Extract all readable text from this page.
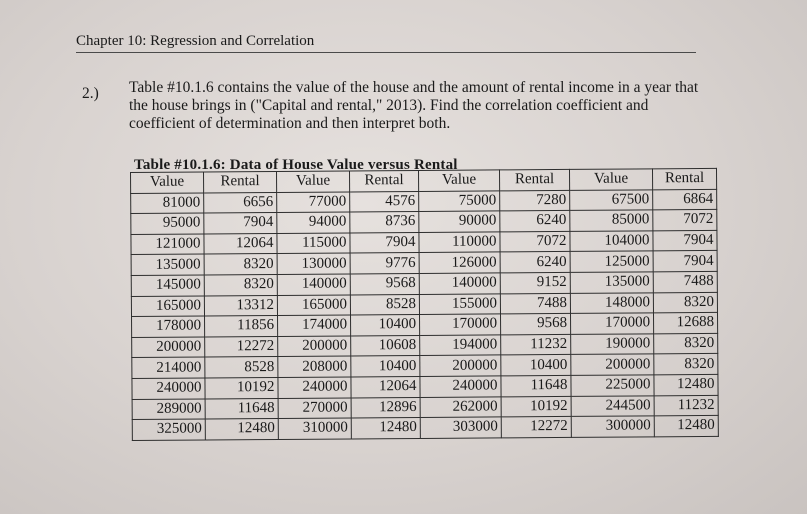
Chapter 10: Regression and Correlation
2.) Table #10.1.6 contains the value of the house and the amount of rental income in a year that the house brings in ("Capital and rental," 2013). Find the correlation coefficient and coefficient of determination and then interpret both.
Table #10.1.6: Data of House Value versus Rental
Value	Rental	Value	Rental	Value	Rental	Value	Rental
81000	6656	77000	4576	75000	7280	67500	6864
95000	7904	94000	8736	90000	6240	85000	7072
121000	12064	115000	7904	110000	7072	104000	7904
135000	8320	130000	9776	126000	6240	125000	7904
145000	8320	140000	9568	140000	9152	135000	7488
165000	13312	165000	8528	155000	7488	148000	8320
178000	11856	174000	10400	170000	9568	170000	12688
200000	12272	200000	10608	194000	11232	190000	8320
214000	8528	208000	10400	200000	10400	200000	8320
240000	10192	240000	12064	240000	11648	225000	12480
289000	11648	270000	12896	262000	10192	244500	11232
325000	12480	310000	12480	303000	12272	300000	12480
